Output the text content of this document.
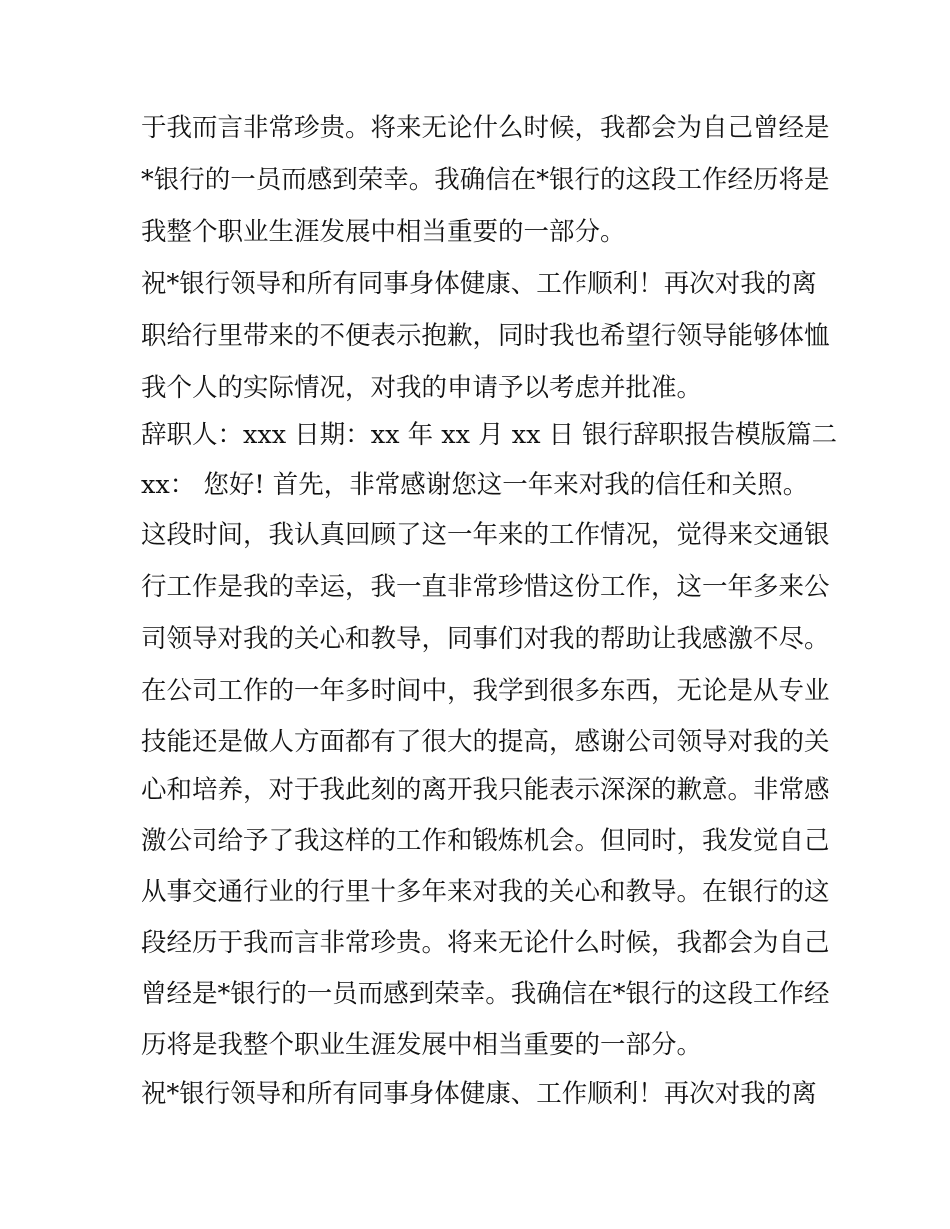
于我而言非常珍贵。将来无论什么时候，我都会为自己曾经是
*银行的一员而感到荣幸。我确信在*银行的这段工作经历将是
我整个职业生涯发展中相当重要的一部分。
祝*银行领导和所有同事身体健康、工作顺利！再次对我的离
职给行里带来的不便表示抱歉，同时我也希望行领导能够体恤
我个人的实际情况，对我的申请予以考虑并批准。
辞职人：xxx 日期：xx 年 xx 月 xx 日 银行辞职报告模版篇二
xx： 您好! 首先，非常感谢您这一年来对我的信任和关照。
这段时间，我认真回顾了这一年来的工作情况，觉得来交通银
行工作是我的幸运，我一直非常珍惜这份工作，这一年多来公
司领导对我的关心和教导，同事们对我的帮助让我感激不尽。
在公司工作的一年多时间中，我学到很多东西，无论是从专业
技能还是做人方面都有了很大的提高，感谢公司领导对我的关
心和培养，对于我此刻的离开我只能表示深深的歉意。非常感
激公司给予了我这样的工作和锻炼机会。但同时，我发觉自己
从事交通行业的行里十多年来对我的关心和教导。在银行的这
段经历于我而言非常珍贵。将来无论什么时候，我都会为自己
曾经是*银行的一员而感到荣幸。我确信在*银行的这段工作经
历将是我整个职业生涯发展中相当重要的一部分。
祝*银行领导和所有同事身体健康、工作顺利！再次对我的离
